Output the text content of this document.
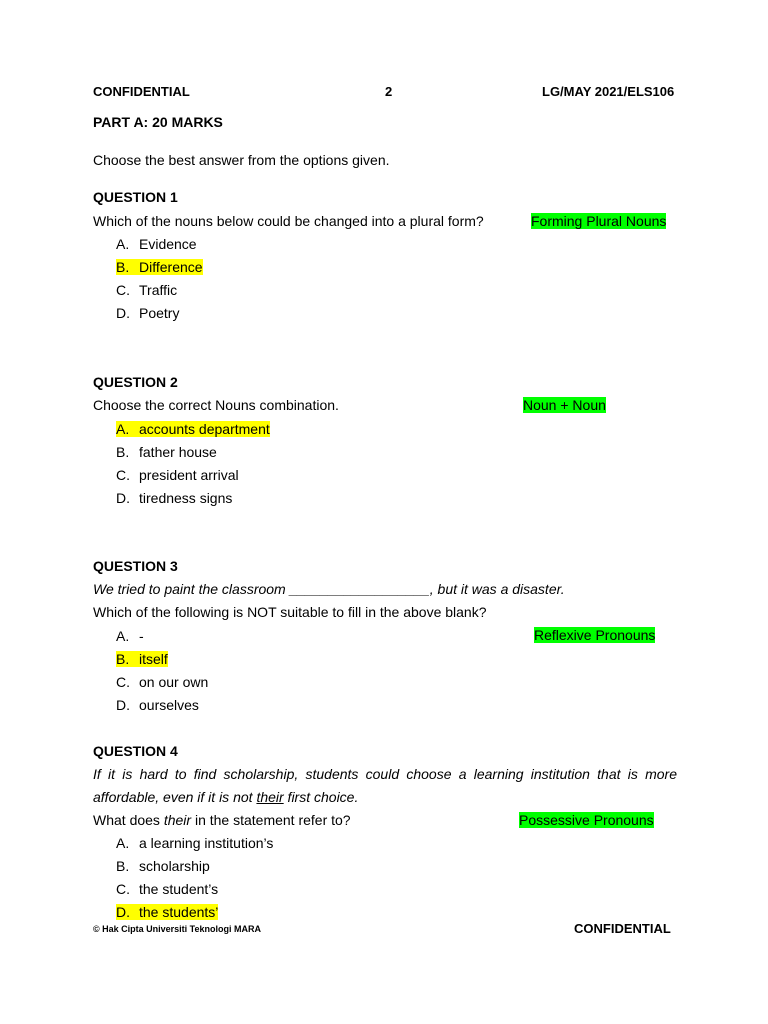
CONFIDENTIAL	2	LG/MAY 2021/ELS106
PART A: 20 MARKS
Choose the best answer from the options given.
QUESTION 1
Which of the nouns below could be changed into a plural form?	Forming Plural Nouns
A. Evidence
B. Difference
C. Traffic
D. Poetry
QUESTION 2
Choose the correct Nouns combination.	Noun + Noun
A. accounts department
B. father house
C. president arrival
D. tiredness signs
QUESTION 3
We tried to paint the classroom __________________, but it was a disaster.
Which of the following is NOT suitable to fill in the above blank?
Reflexive Pronouns
A. -
B. itself
C. on our own
D. ourselves
QUESTION 4
If it is hard to find scholarship, students could choose a learning institution that is more
affordable, even if it is not their first choice.
What does their in the statement refer to?	Possessive Pronouns
A. a learning institution’s
B. scholarship
C. the student’s
D. the students’
© Hak Cipta Universiti Teknologi MARA	CONFIDENTIAL
